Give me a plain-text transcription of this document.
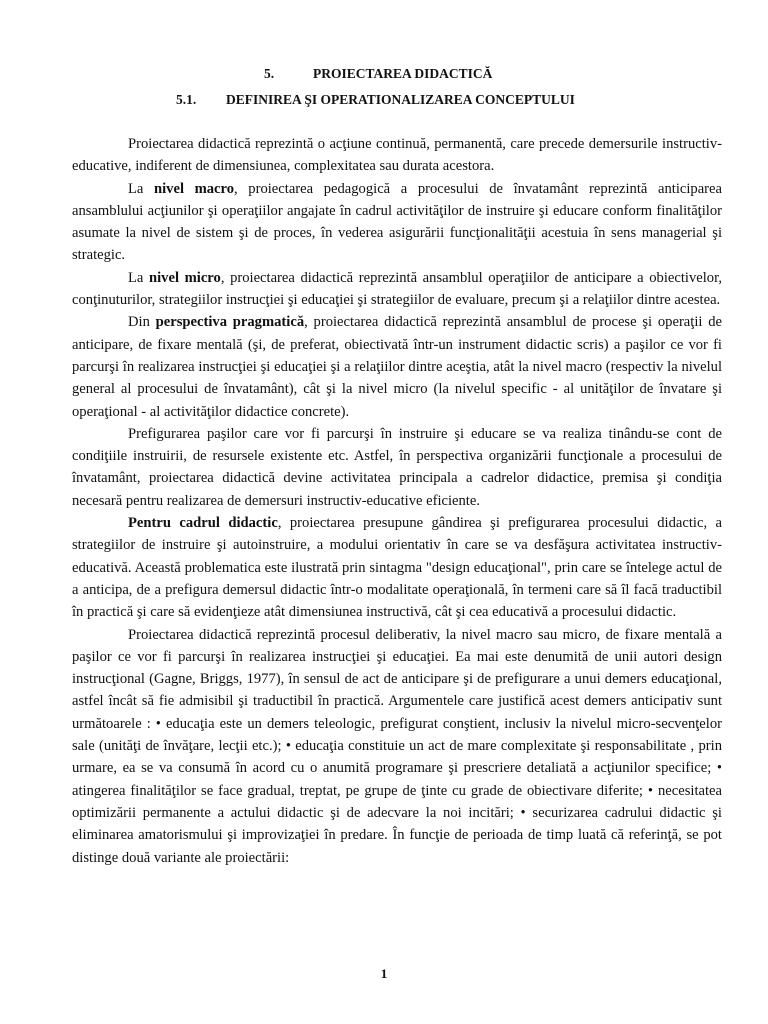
5.	PROIECTAREA DIDACTICĂ
5.1. DEFINIREA ŞI OPERATIONALIZAREA CONCEPTULUI

Proiectarea didactică reprezintă o acţiune continuă, permanentă, care precede demersurile instructiv-educative, indiferent de dimensiunea, complexitatea sau durata acestora.

La nivel macro, proiectarea pedagogică a procesului de învatamânt reprezintă anticiparea ansamblului acţiunilor şi operaţiilor angajate în cadrul activităţilor de instruire şi educare conform finalităţilor asumate la nivel de sistem şi de proces, în vederea asigurării funcţionalităţii acestuia în sens managerial şi strategic.

La nivel micro, proiectarea didactică reprezintă ansamblul operaţiilor de anticipare a obiectivelor, conţinuturilor, strategiilor instrucţiei şi educaţiei şi strategiilor de evaluare, precum şi a relaţiilor dintre acestea.

Din perspectiva pragmatică, proiectarea didactică reprezintă ansamblul de procese şi operaţii de anticipare, de fixare mentală (şi, de preferat, obiectivată într-un instrument didactic scris) a paşilor ce vor fi parcurşi în realizarea instrucţiei şi educaţiei şi a relaţiilor dintre aceştia, atât la nivel macro (respectiv la nivelul general al procesului de învatamânt), cât şi la nivel micro (la nivelul specific - al unităţilor de învatare şi operaţional - al activităţilor didactice concrete).

Prefigurarea paşilor care vor fi parcurşi în instruire şi educare se va realiza tinându-se cont de condiţiile instruirii, de resursele existente etc. Astfel, în perspectiva organizării funcţionale a procesului de învatamânt, proiectarea didactică devine activitatea principala a cadrelor didactice, premisa şi condiţia necesară pentru realizarea de demersuri instructiv-educative eficiente.

Pentru cadrul didactic, proiectarea presupune gândirea şi prefigurarea procesului didactic, a strategiilor de instruire şi autoinstruire, a modului orientativ în care se va desfăşura activitatea instructiv-educativă. Această problematica este ilustrată prin sintagma "design educaţional", prin care se întelege actul de a anticipa, de a prefigura demersul didactic într-o modalitate operaţională, în termeni care să îl facă traductibil în practică şi care să evidenţieze atât dimensiunea instructivă, cât şi cea educativă a procesului didactic.

Proiectarea didactică reprezintă procesul deliberativ, la nivel macro sau micro, de fixare mentală a paşilor ce vor fi parcurşi în realizarea instrucţiei şi educaţiei. Ea mai este denumită de unii autori design instrucţional (Gagne, Briggs, 1977), în sensul de act de anticipare şi de prefigurare a unui demers educaţional, astfel încât să fie admisibil şi traductibil în practică. Argumentele care justifică acest demers anticipativ sunt următoarele : • educaţia este un demers teleologic, prefigurat conştient, inclusiv la nivelul micro-secvenţelor sale (unităţi de învăţare, lecţii etc.); • educaţia constituie un act de mare complexitate şi responsabilitate , prin urmare, ea se va consumă în acord cu o anumită programare şi prescriere detaliată a acţiunilor specifice; • atingerea finalităţilor se face gradual, treptat, pe grupe de ţinte cu grade de obiectivare diferite; • necesitatea optimizării permanente a actului didactic şi de adecvare la noi incitări; • securizarea cadrului didactic şi eliminarea amatorismului şi improvizaţiei în predare. În funcţie de perioada de timp luată că referinţă, se pot distinge două variante ale proiectării:

1
